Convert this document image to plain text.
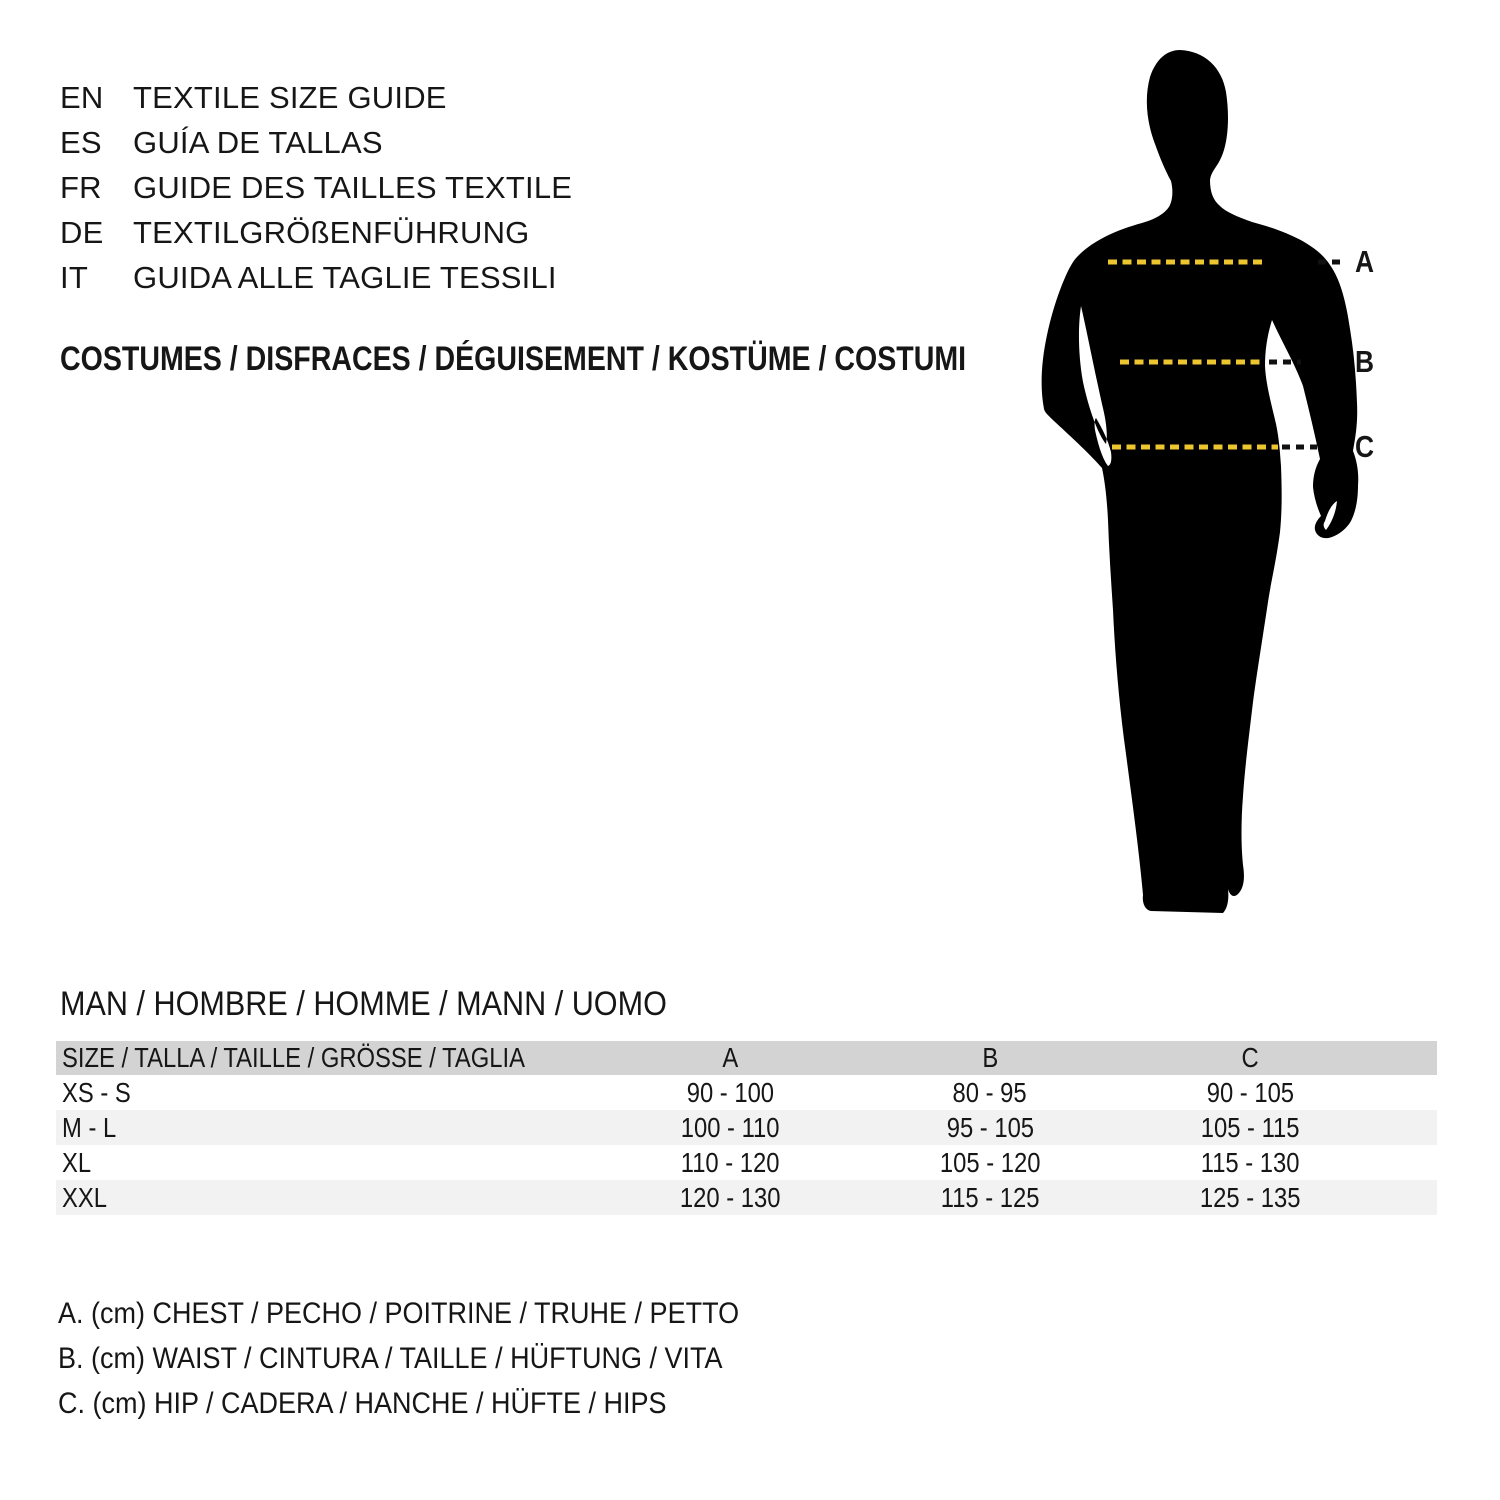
EN TEXTILE SIZE GUIDE
ES	GUÍA DE TALLAS
FR	GUIDE DES TAILLES TEXTILE
DE TEXTILGRÖßENFÜHRUNG
IT	GUIDA ALLE TAGLIE TESSILI
COSTUMES / DISFRACES / DÉGUISEMENT / KOSTÜME / COSTUMI
A
B
C
MAN / HOMBRE / HOMME / MANN / UOMO
SIZE / TALLA / TAILLE / GRÖSSE / TAGLIA	A	B	C
XS - S	90 - 100	80 - 95	90 - 105
M - L	100 - 110	95 - 105	105 - 115
XL	110 - 120	105 - 120	115 - 130
XXL	120 - 130	115 - 125	125 - 135
A. (cm) CHEST / PECHO / POITRINE / TRUHE / PETTO
B. (cm) WAIST / CINTURA / TAILLE / HÜFTUNG / VITA
C. (cm) HIP / CADERA / HANCHE / HÜFTE / HIPS
